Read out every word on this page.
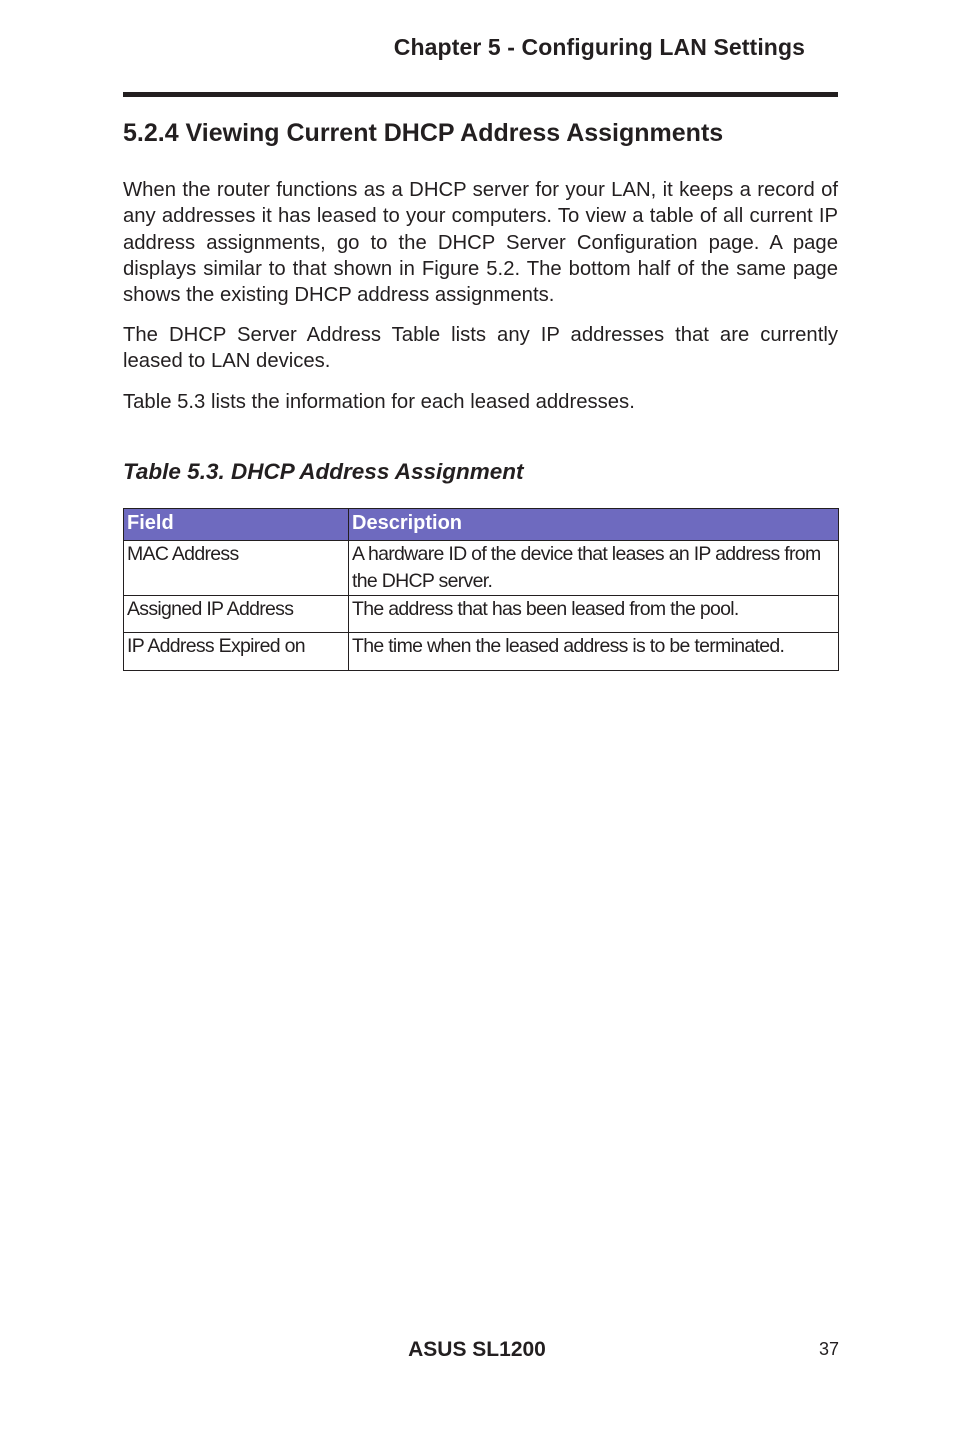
Chapter 5 - Configuring LAN Settings
5.2.4 Viewing Current DHCP Address Assignments

When the router functions as a DHCP server for your LAN, it keeps a record of any addresses it has leased to your computers. To view a table of all current IP address assignments, go to the DHCP Server Configuration page. A page displays similar to that shown in Figure 5.2. The bottom half of the same page shows the existing DHCP address assignments.

The DHCP Server Address Table lists any IP addresses that are currently leased to LAN devices.

Table 5.3 lists the information for each leased addresses.

Table 5.3. DHCP Address Assignment
Field	Description
MAC Address	A hardware ID of the device that leases an IP address from the DHCP server.
Assigned IP Address	The address that has been leased from the pool.
IP Address Expired on	The time when the leased address is to be terminated.
ASUS SL1200	37
